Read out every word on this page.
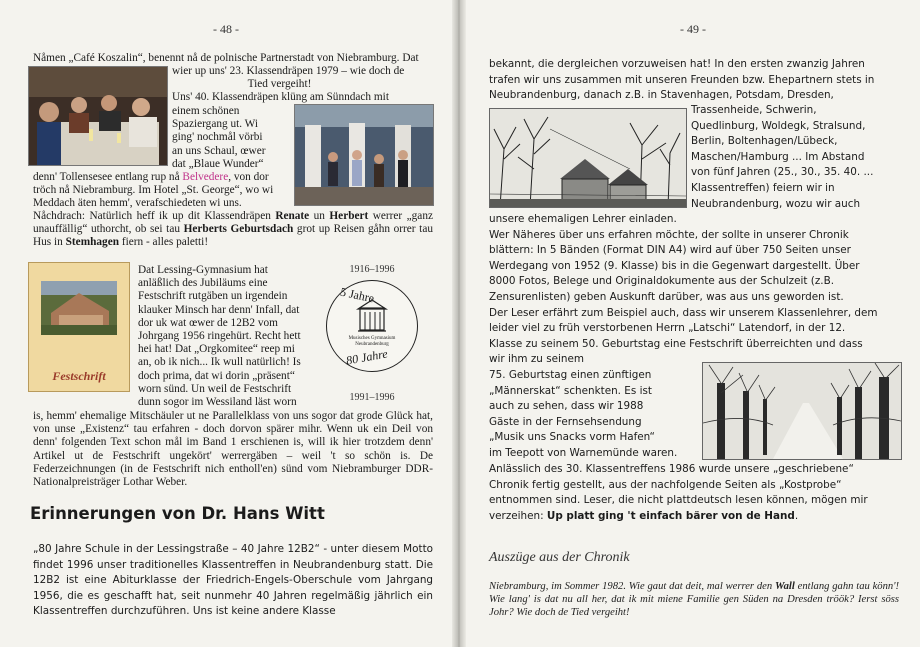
- 48 -

Nåmen „Café Koszalin“, benennt nå de polnische Partnerstadt von Niebramburg. Dat

wier up uns' 23. Klassendräpen 1979 – wie doch de
Tied vergeiht!
Uns' 40. Klassendräpen klüng am Sünndach mit
einem schönen
Spaziergang ut. Wi
ging' nochmål vörbi
an uns Schaul, œwer
dat „Blaue Wunder“
denn' Tollensesee entlang rup nå Belvedere, von dor
tröch nå Niebramburg. Im Hotel „St. George“, wo wi
Meddach äten hemm', verafschiedeten wi uns.

Nåchdrach: Natürlich heff ik up dit Klassendräpen Renate un Herbert werrer „ganz unauffällig“ uthorcht, ob sei tau Herberts Geburtsdach grot up Reisen gåhn orrer tau Hus in Stemhagen fiern - alles paletti!

Festschrift
Dat Lessing-Gymnasium hat
anläßlich des Jubiläums eine
Festschrift rutgäben un irgendein
klauker Minsch har denn' Infall, dat
dor uk wat œwer de 12B2 vom
Johrgang 1956 ringehürt. Recht hett
hei hat! Dat „Orgkomitee“ reep mi
an, ob ik nich... Ik wull natürlich! Is
doch prima, dat wi dorin „präsent“
worn sünd. Un weil de Festschrift
dunn sogor im Wessiland läst worn
1916–1996
5 Jahre
Musisches Gymnasium Neubrandenburg
80 Jahre
1991–1996

is, hemm' ehemalige Mitschäuler ut ne Parallelklass von uns sogor dat grode Glück hat, von unse „Existenz“ tau erfahren - doch dorvon spärer mihr. Wenn uk ein Deil von denn' folgenden Text schon mål im Band 1 erschienen is, will ik hier trotzdem denn' Artikel ut de Festschrift ungekört' werrergäben – weil 't so schön is. De Federzeichnungen (in de Festschrift nich entholl'en) sünd vom Niebramburger DDR-Nationalpreisträger Lothar Weber.

Erinnerungen von Dr. Hans Witt

„80 Jahre Schule in der Lessingstraße – 40 Jahre 12B2“ - unter diesem Motto findet 1996 unser traditionelles Klassentreffen in Neubrandenburg statt. Die 12B2 ist eine Abiturklasse der Friedrich-Engels-Oberschule vom Jahrgang 1956, die es geschafft hat, seit nunmehr 40 Jahren regelmäßig jährlich ein Klassentreffen durchzuführen. Uns ist keine andere Klasse

- 49 -
bekannt, die dergleichen vorzuweisen hat! In den ersten zwanzig Jahren
trafen wir uns zusammen mit unseren Freunden bzw. Ehepartnern stets in
Neubrandenburg, danach z.B. in Stavenhagen, Potsdam, Dresden,
Trassenheide, Schwerin,
Quedlinburg, Woldegk, Stralsund,
Berlin, Boltenhagen/Lübeck,
Maschen/Hamburg ... Im Abstand
von fünf Jahren (25., 30., 35. 40. ...
Klassentreffen) feiern wir in
Neubrandenburg, wozu wir auch
unsere ehemaligen Lehrer einladen.
Wer Näheres über uns erfahren möchte, der sollte in unserer Chronik
blättern: In 5 Bänden (Format DIN A4) wird auf über 750 Seiten unser
Werdegang von 1952 (9. Klasse) bis in die Gegenwart dargestellt. Über
8000 Fotos, Belege und Originaldokumente aus der Schulzeit (z.B.
Zensurenlisten) geben Auskunft darüber, was aus uns geworden ist.
Der Leser erfährt zum Beispiel auch, dass wir unserem Klassenlehrer, dem
leider viel zu früh verstorbenen Herrn „Latschi“ Latendorf, in der 12.
Klasse zu seinem 50. Geburtstag eine Festschrift überreichten und dass
wir ihm zu seinem
75. Geburtstag einen zünftigen
„Männerskat“ schenkten. Es ist
auch zu sehen, dass wir 1988
Gäste in der Fernsehsendung
„Musik uns Snacks vorm Hafen“
im Teepott von Warnemünde waren.
Anlässlich des 30. Klassentreffens 1986 wurde unsere „geschriebene“
Chronik fertig gestellt, aus der nachfolgende Seiten als „Kostprobe“
entnommen sind. Leser, die nicht plattdeutsch lesen können, mögen mir
verzeihen: Up platt ging 't einfach bärer von de Hand.
Auszüge aus der Chronik

Niebramburg, im Sommer 1982. Wie gaut dat deit, mal werrer den Wall entlang gahn tau könn'! Wie lang' is dat nu all her, dat ik mit miene Familie gen Süden na Dresden tröök? Ierst söss Johr? Wie doch de Tied vergeiht!
